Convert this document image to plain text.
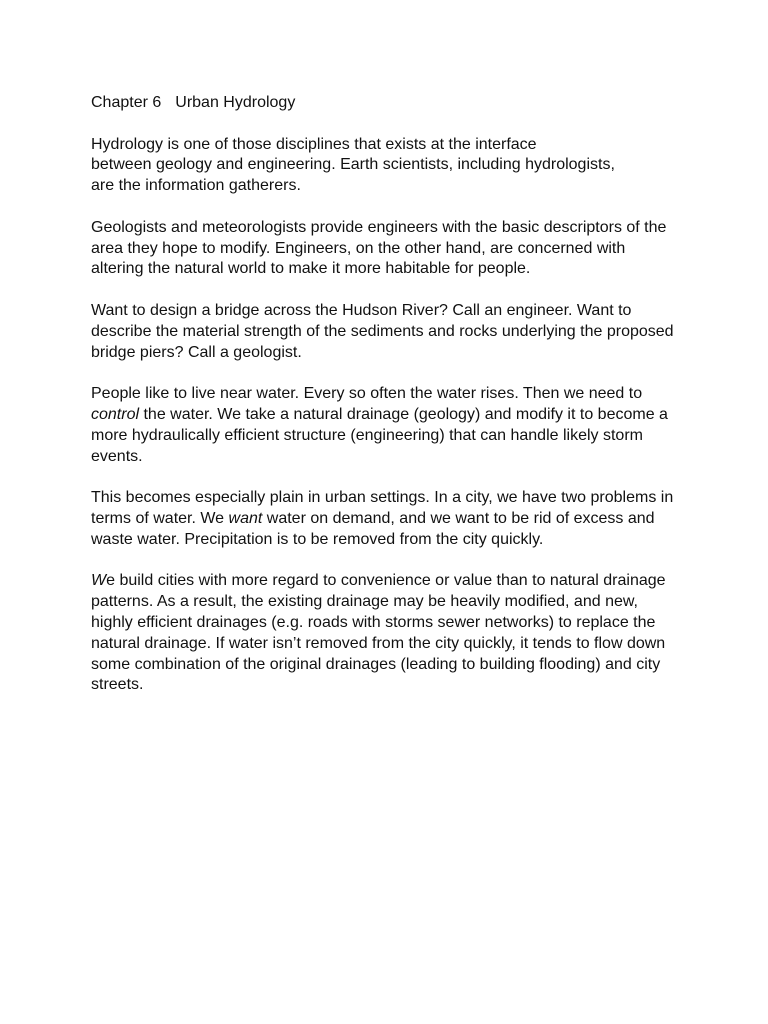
Chapter 6 Urban Hydrology

Hydrology is one of those disciplines that exists at the interface
between geology and engineering. Earth scientists, including hydrologists,
are the information gatherers.

Geologists and meteorologists provide engineers with the basic descriptors of the area they hope to modify. Engineers, on the other hand, are concerned with altering the natural world to make it more habitable for people.

Want to design a bridge across the Hudson River? Call an engineer. Want to describe the material strength of the sediments and rocks underlying the proposed bridge piers? Call a geologist.

People like to live near water. Every so often the water rises. Then we need to control the water. We take a natural drainage (geology) and modify it to become a more hydraulically efficient structure (engineering) that can handle likely storm events.

This becomes especially plain in urban settings. In a city, we have two problems in terms of water. We want water on demand, and we want to be rid of excess and waste water. Precipitation is to be removed from the city quickly.

We build cities with more regard to convenience or value than to natural drainage patterns. As a result, the existing drainage may be heavily modified, and new, highly efficient drainages (e.g. roads with storms sewer networks) to replace the natural drainage. If water isn’t removed from the city quickly, it tends to flow down some combination of the original drainages (leading to building flooding) and city streets.
